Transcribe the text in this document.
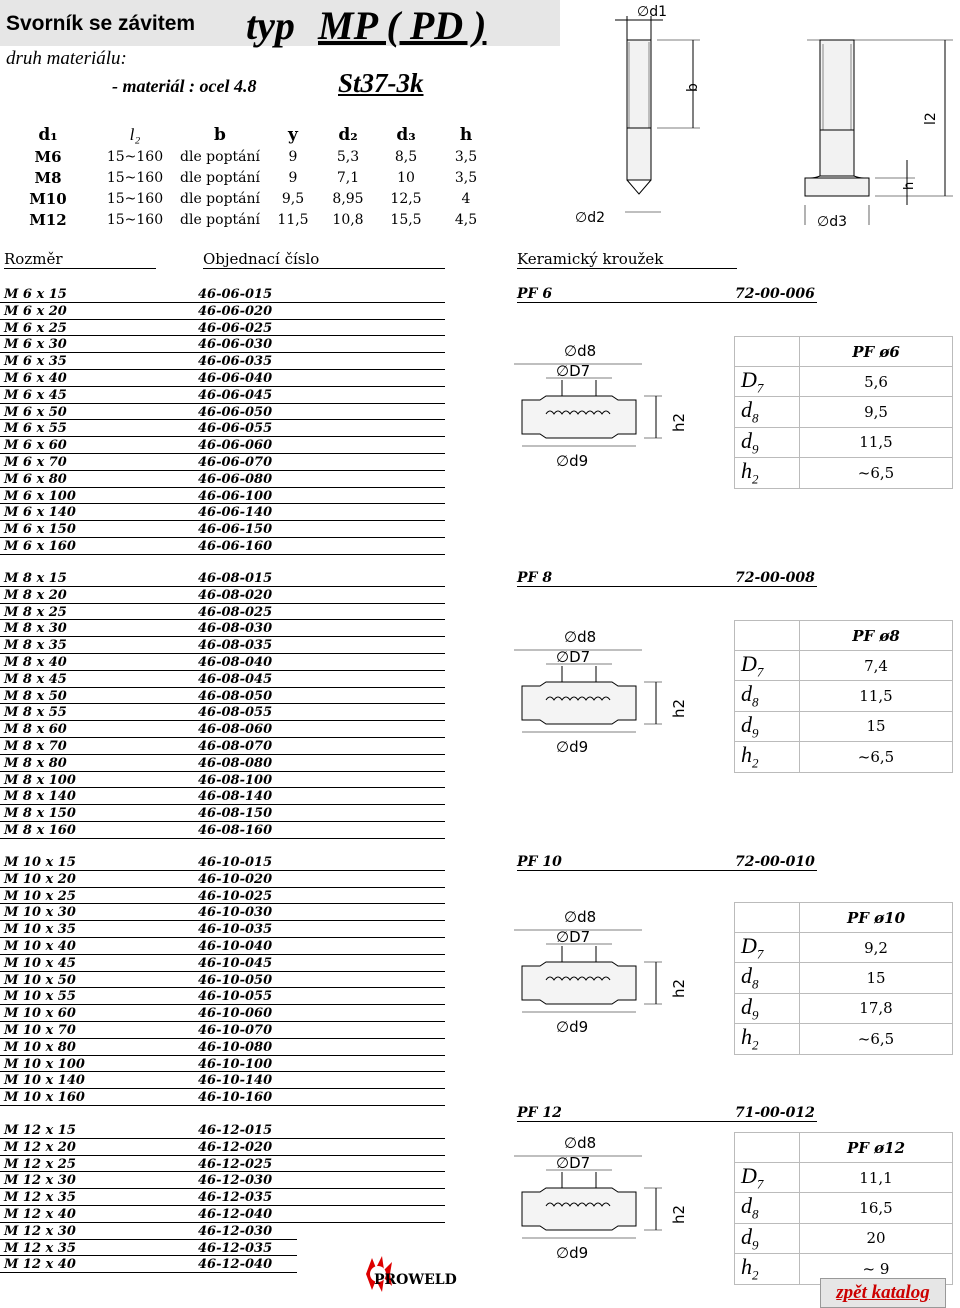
Svorník se závitem typ MP ( PD )
druh materiálu:
- materiál : ocel 4.8	St37-3k
d₁	l₂	b	y	d₂	d₃	h
M6	15~160	dle poptání	9	5,3	8,5	3,5
M8	15~160	dle poptání	9	7,1	10	3,5
M10	15~160	dle poptání	9,5	8,95	12,5	4
M12	15~160	dle poptání	11,5	10,8	15,5	4,5
∅d1
b
∅d2
l2
h
∅d3
Rozměr	Objednací číslo	Keramický kroužek
M 6 x 15	46-06-015
M 6 x 20	46-06-020
M 6 x 25	46-06-025
M 6 x 30	46-06-030
M 6 x 35	46-06-035
M 6 x 40	46-06-040
M 6 x 45	46-06-045
M 6 x 50	46-06-050
M 6 x 55	46-06-055
M 6 x 60	46-06-060
M 6 x 70	46-06-070
M 6 x 80	46-06-080
M 6 x 100	46-06-100
M 6 x 140	46-06-140
M 6 x 150	46-06-150
M 6 x 160	46-06-160
PF 6	72-00-006
∅d8
∅D7
∅d9
h2
	PF ø6
$D_7$	5,6
$d_8$	9,5
$d_9$	11,5
$h_2$	~6,5
M 8 x 15	46-08-015
M 8 x 20	46-08-020
M 8 x 25	46-08-025
M 8 x 30	46-08-030
M 8 x 35	46-08-035
M 8 x 40	46-08-040
M 8 x 45	46-08-045
M 8 x 50	46-08-050
M 8 x 55	46-08-055
M 8 x 60	46-08-060
M 8 x 70	46-08-070
M 8 x 80	46-08-080
M 8 x 100	46-08-100
M 8 x 140	46-08-140
M 8 x 150	46-08-150
M 8 x 160	46-08-160
PF 8	72-00-008
∅d8
∅D7
∅d9
h2
	PF ø8
$D_7$	7,4
$d_8$	11,5
$d_9$	15
$h_2$	~6,5
M 10 x 15	46-10-015
M 10 x 20	46-10-020
M 10 x 25	46-10-025
M 10 x 30	46-10-030
M 10 x 35	46-10-035
M 10 x 40	46-10-040
M 10 x 45	46-10-045
M 10 x 50	46-10-050
M 10 x 55	46-10-055
M 10 x 60	46-10-060
M 10 x 70	46-10-070
M 10 x 80	46-10-080
M 10 x 100	46-10-100
M 10 x 140	46-10-140
M 10 x 160	46-10-160
PF 10	72-00-010
∅d8
∅D7
∅d9
h2
	PF ø10
$D_7$	9,2
$d_8$	15
$d_9$	17,8
$h_2$	~6,5
M 12 x 15	46-12-015
M 12 x 20	46-12-020
M 12 x 25	46-12-025
M 12 x 30	46-12-030
M 12 x 35	46-12-035
M 12 x 40	46-12-040
M 12 x 30	46-12-030
M 12 x 35	46-12-035
M 12 x 40	46-12-040
PF 12	71-00-012
∅d8
∅D7
∅d9
h2
	PF ø12
$D_7$	11,1
$d_8$	16,5
$d_9$	20
$h_2$	~ 9
PROWELD
zpět katalog
